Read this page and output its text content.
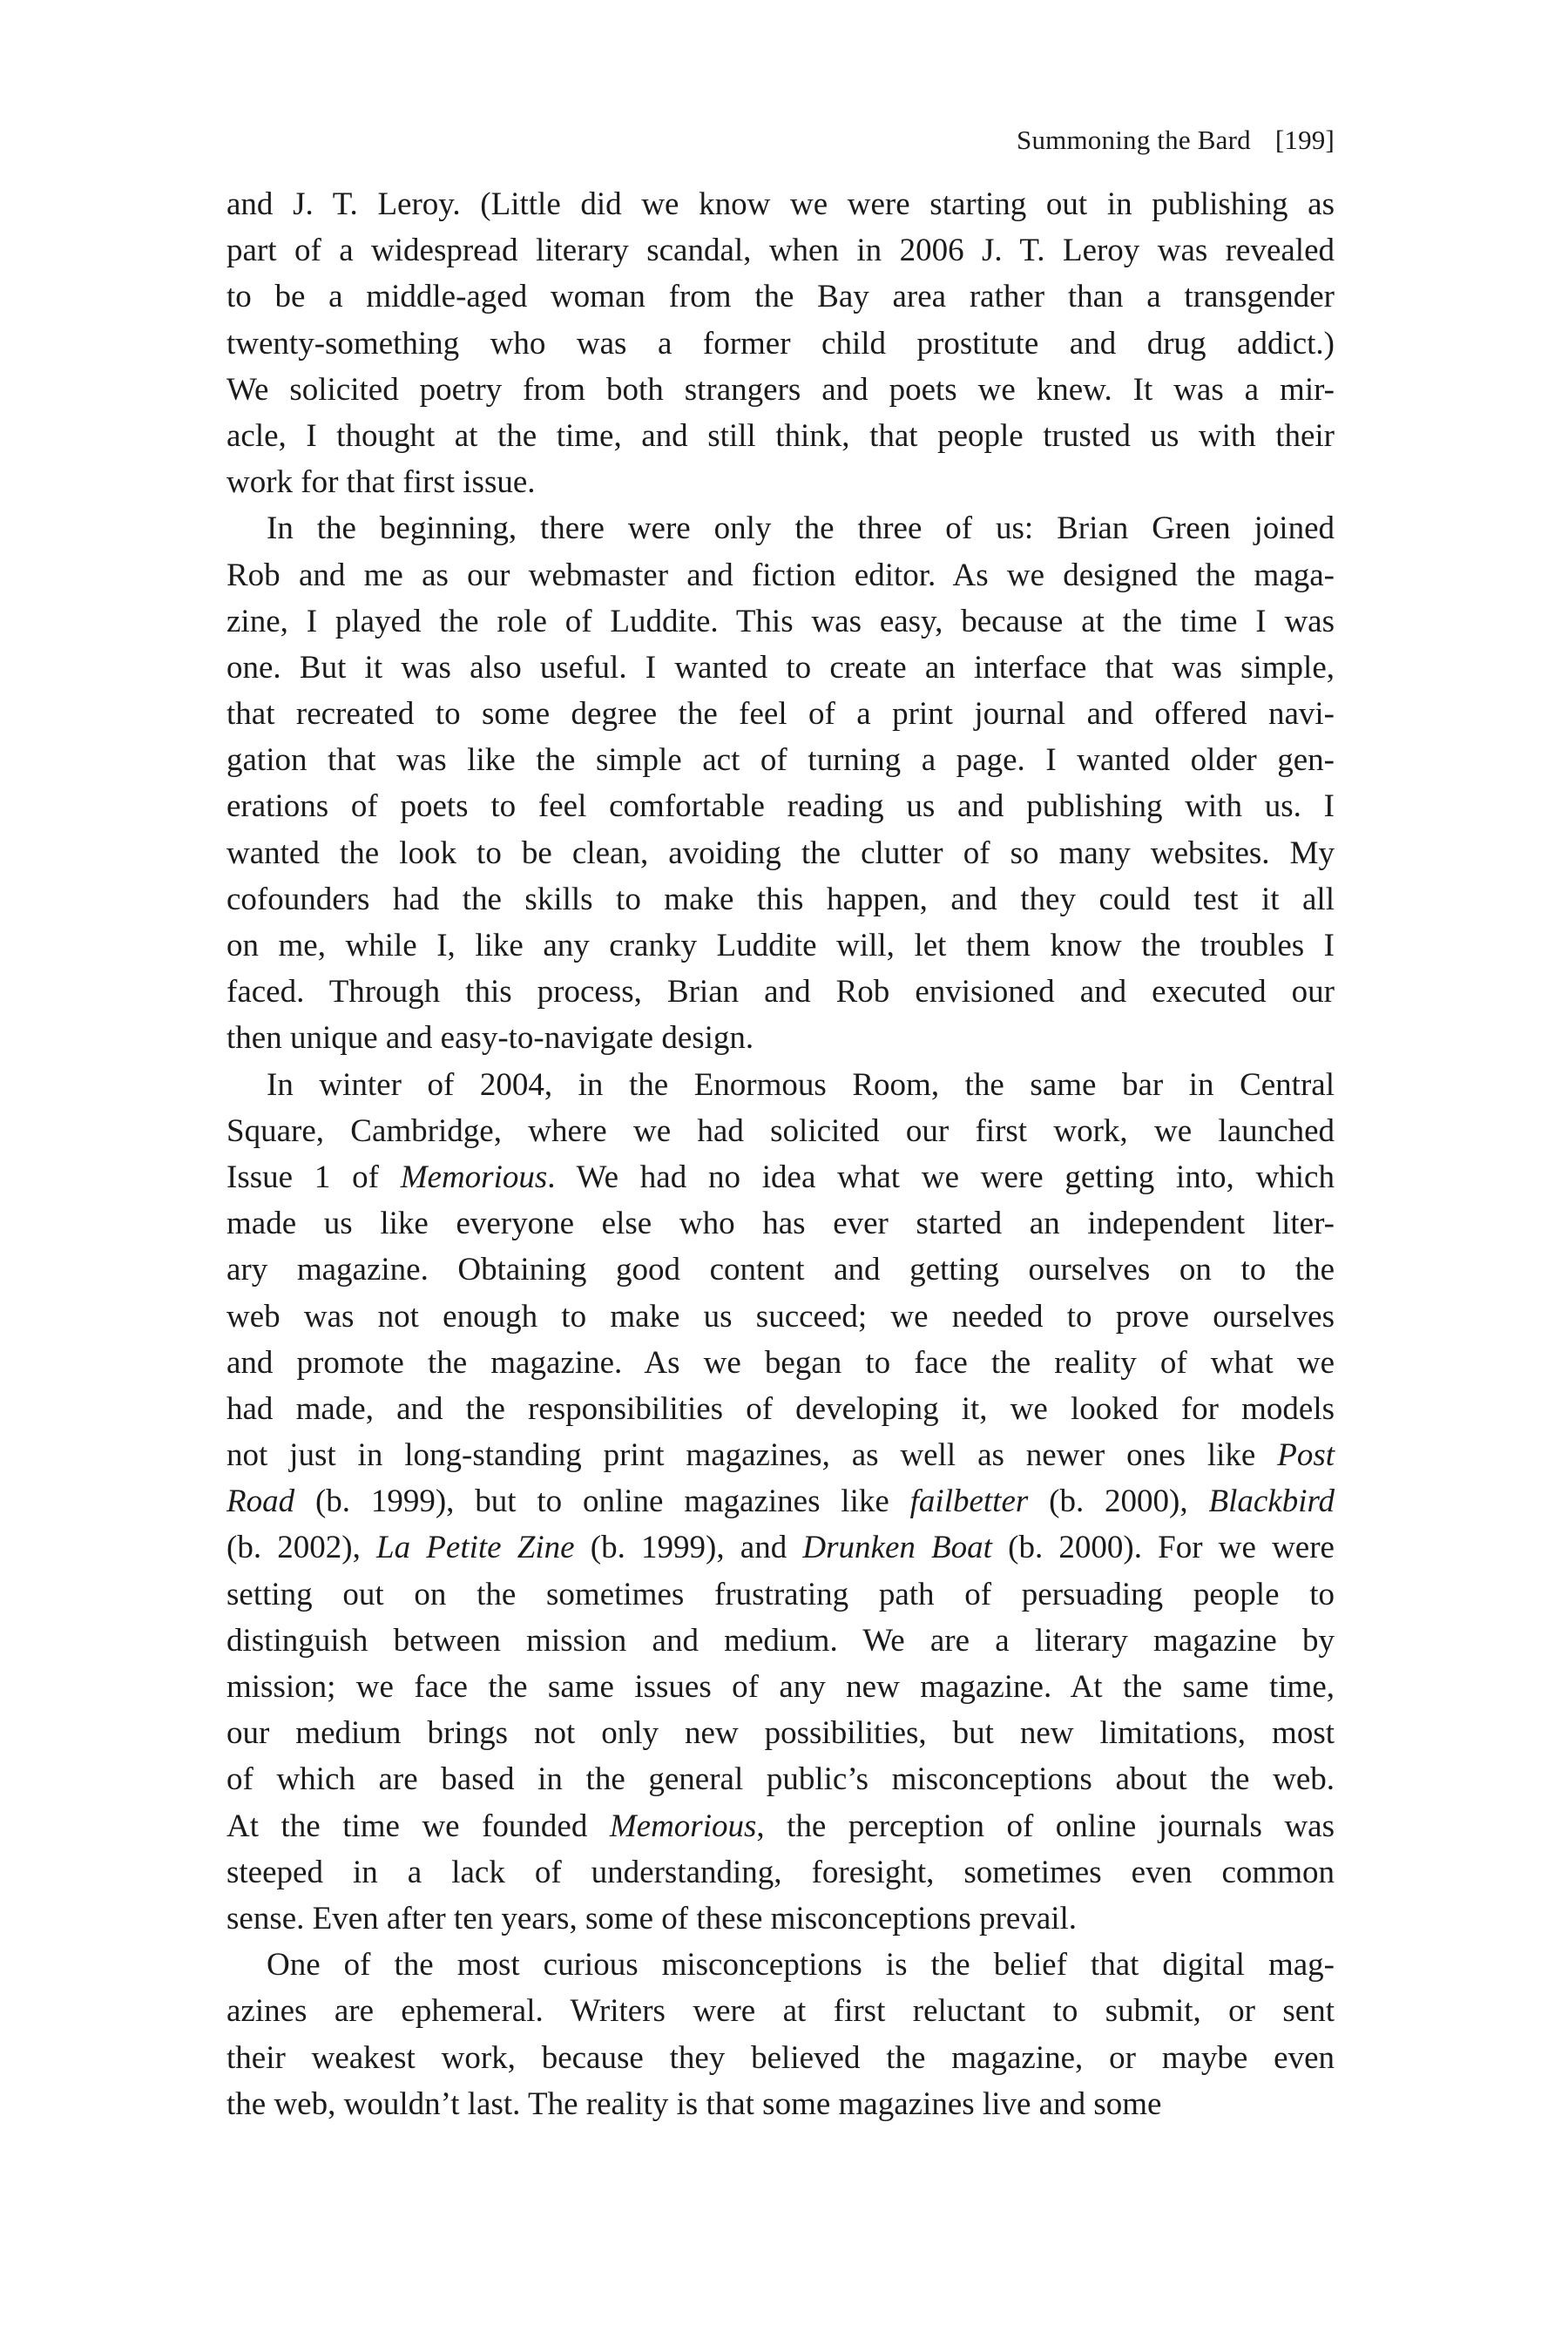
Summoning the Bard [199]
and J. T. Leroy. (Little did we know we were starting out in publishing as
part of a widespread literary scandal, when in 2006 J. T. Leroy was revealed
to be a middle-aged woman from the Bay area rather than a transgender
twenty-something who was a former child prostitute and drug addict.)
We solicited poetry from both strangers and poets we knew. It was a mir-
acle, I thought at the time, and still think, that people trusted us with their
work for that first issue.
In the beginning, there were only the three of us: Brian Green joined
Rob and me as our webmaster and fiction editor. As we designed the maga-
zine, I played the role of Luddite. This was easy, because at the time I was
one. But it was also useful. I wanted to create an interface that was simple,
that recreated to some degree the feel of a print journal and offered navi-
gation that was like the simple act of turning a page. I wanted older gen-
erations of poets to feel comfortable reading us and publishing with us. I
wanted the look to be clean, avoiding the clutter of so many websites. My
cofounders had the skills to make this happen, and they could test it all
on me, while I, like any cranky Luddite will, let them know the troubles I
faced. Through this process, Brian and Rob envisioned and executed our
then unique and easy-to-navigate design.
In winter of 2004, in the Enormous Room, the same bar in Central
Square, Cambridge, where we had solicited our first work, we launched
Issue 1 of Memorious. We had no idea what we were getting into, which
made us like everyone else who has ever started an independent liter-
ary magazine. Obtaining good content and getting ourselves on to the
web was not enough to make us succeed; we needed to prove ourselves
and promote the magazine. As we began to face the reality of what we
had made, and the responsibilities of developing it, we looked for models
not just in long-standing print magazines, as well as newer ones like Post
Road (b. 1999), but to online magazines like failbetter (b. 2000), Blackbird
(b. 2002), La Petite Zine (b. 1999), and Drunken Boat (b. 2000). For we were
setting out on the sometimes frustrating path of persuading people to
distinguish between mission and medium. We are a literary magazine by
mission; we face the same issues of any new magazine. At the same time,
our medium brings not only new possibilities, but new limitations, most
of which are based in the general public’s misconceptions about the web.
At the time we founded Memorious, the perception of online journals was
steeped in a lack of understanding, foresight, sometimes even common
sense. Even after ten years, some of these misconceptions prevail.
One of the most curious misconceptions is the belief that digital mag-
azines are ephemeral. Writers were at first reluctant to submit, or sent
their weakest work, because they believed the magazine, or maybe even
the web, wouldn’t last. The reality is that some magazines live and some
